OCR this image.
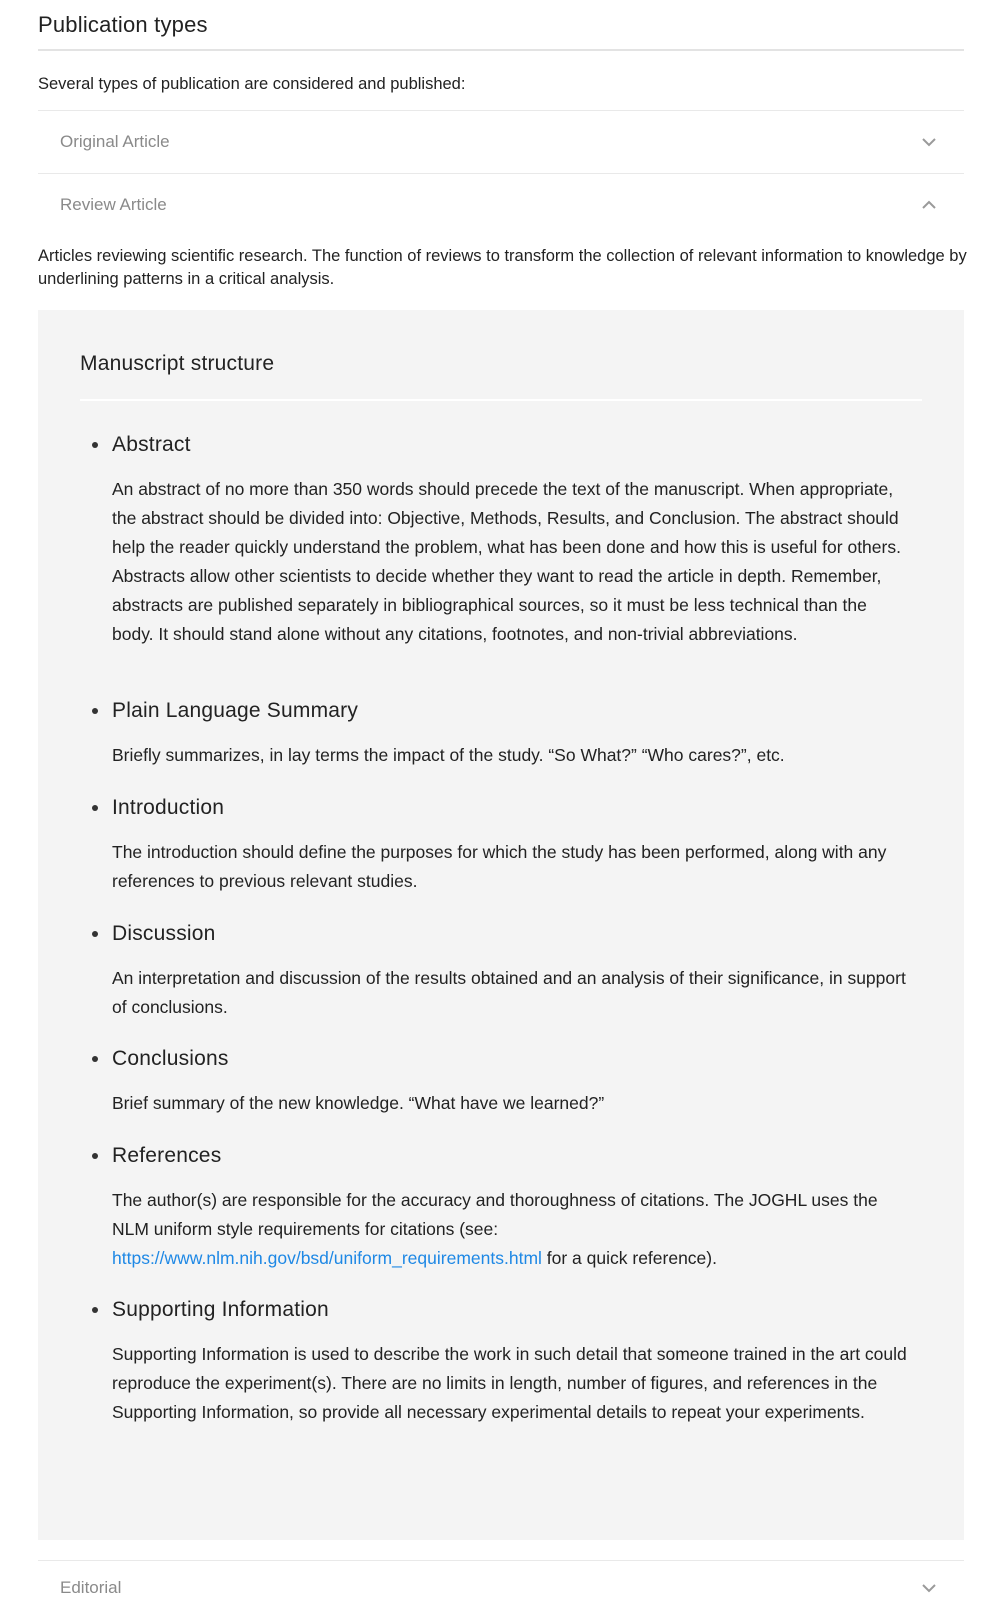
Publication types
Several types of publication are considered and published:
Original Article
Review Article
Articles reviewing scientific research. The function of reviews to transform the collection of relevant information to knowledge by underlining patterns in a critical analysis.
Manuscript structure
Abstract
An abstract of no more than 350 words should precede the text of the manuscript. When appropriate, the abstract should be divided into: Objective, Methods, Results, and Conclusion. The abstract should help the reader quickly understand the problem, what has been done and how this is useful for others. Abstracts allow other scientists to decide whether they want to read the article in depth. Remember, abstracts are published separately in bibliographical sources, so it must be less technical than the body. It should stand alone without any citations, footnotes, and non-trivial abbreviations.
Plain Language Summary
Briefly summarizes, in lay terms the impact of the study. “So What?” “Who cares?”, etc.
Introduction
The introduction should define the purposes for which the study has been performed, along with any references to previous relevant studies.
Discussion
An interpretation and discussion of the results obtained and an analysis of their significance, in support of conclusions.
Conclusions
Brief summary of the new knowledge. “What have we learned?”
References
The author(s) are responsible for the accuracy and thoroughness of citations. The JOGHL uses the NLM uniform style requirements for citations (see: https://www.nlm.nih.gov/bsd/uniform_requirements.html for a quick reference).
Supporting Information
Supporting Information is used to describe the work in such detail that someone trained in the art could reproduce the experiment(s). There are no limits in length, number of figures, and references in the Supporting Information, so provide all necessary experimental details to repeat your experiments.
Editorial
